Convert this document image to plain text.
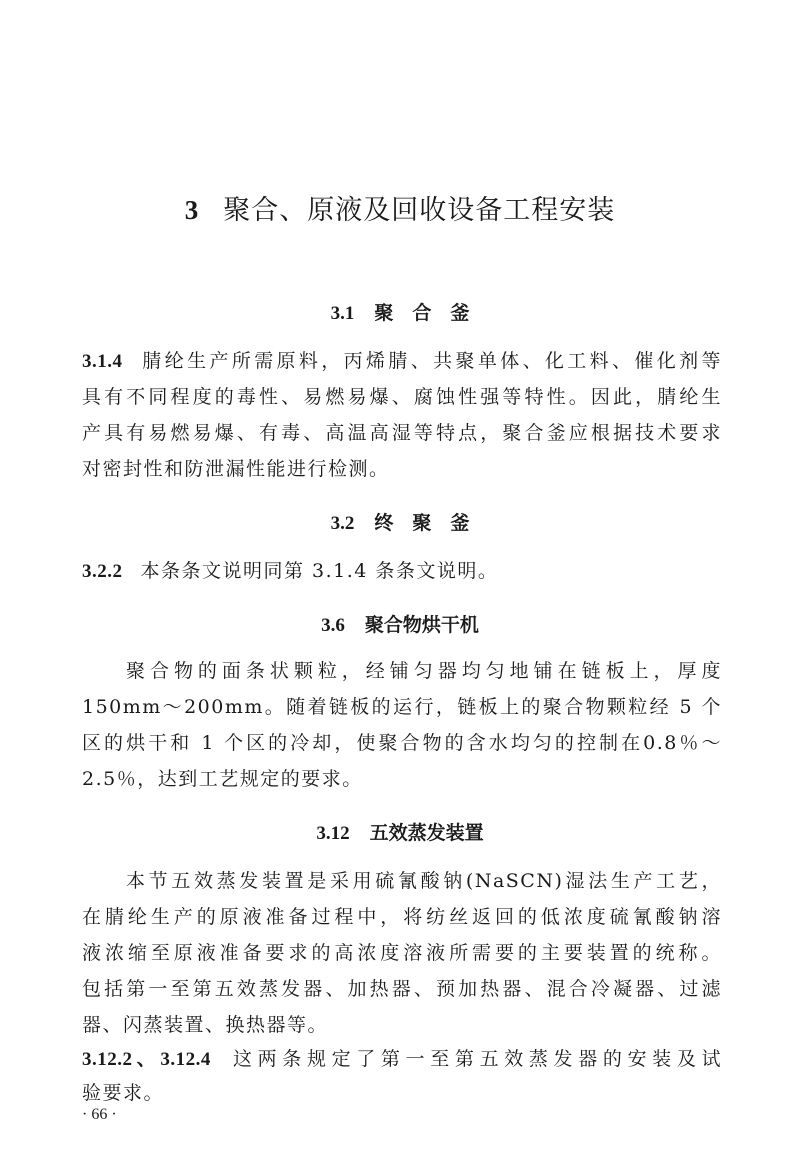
3 聚合、原液及回收设备工程安装
3.1 聚　合　釜
3.1.4 腈纶生产所需原料，丙烯腈、共聚单体、化工料、催化剂等
具有不同程度的毒性、易燃易爆、腐蚀性强等特性。因此，腈纶生
产具有易燃易爆、有毒、高温高湿等特点，聚合釜应根据技术要求
对密封性和防泄漏性能进行检测。
3.2 终　聚　釜
3.2.2 本条条文说明同第 3.1.4 条条文说明。
3.6 聚合物烘干机
聚合物的面条状颗粒，经铺匀器均匀地铺在链板上，厚度
150mm～200mm。随着链板的运行，链板上的聚合物颗粒经 5 个
区的烘干和 1 个区的冷却，使聚合物的含水均匀的控制在0.8％～
2.5％，达到工艺规定的要求。
3.12 五效蒸发装置
本节五效蒸发装置是采用硫氰酸钠(NaSCN)湿法生产工艺，
在腈纶生产的原液准备过程中，将纺丝返回的低浓度硫氰酸钠溶
液浓缩至原液准备要求的高浓度溶液所需要的主要装置的统称。
包括第一至第五效蒸发器、加热器、预加热器、混合冷凝器、过滤
器、闪蒸装置、换热器等。
3.12.2、3.12.4 这两条规定了第一至第五效蒸发器的安装及试
验要求。
· 66 ·
